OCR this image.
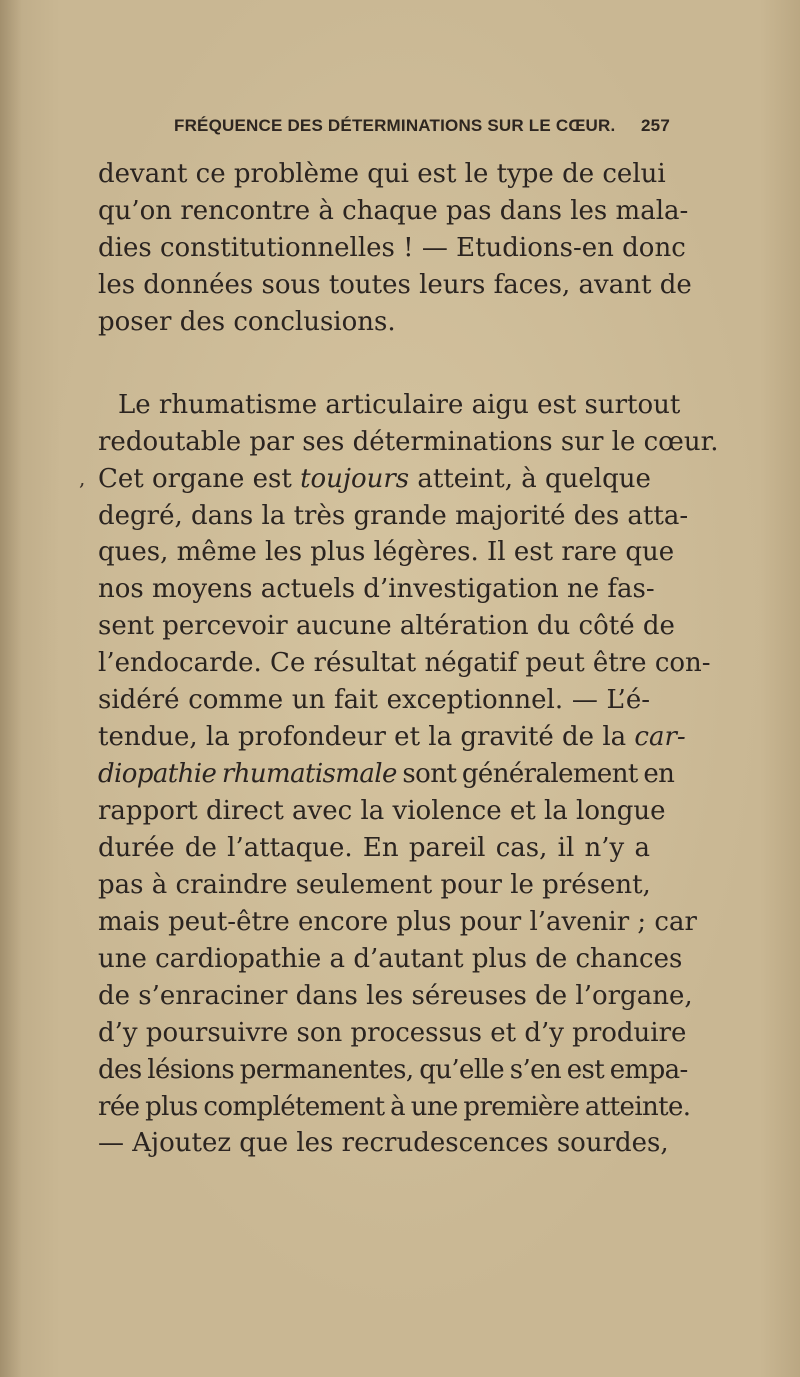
FRÉQUENCE DES DÉTERMINATIONS SUR LE CŒUR. 257
,
devant ce problème qui est le type de celui
qu’on rencontre à chaque pas dans les mala-
dies constitutionnelles ! — Etudions-en donc
les données sous toutes leurs faces, avant de
poser des conclusions.
Le rhumatisme articulaire aigu est surtout
redoutable par ses déterminations sur le cœur.
Cet organe est toujours atteint, à quelque
degré, dans la très grande majorité des atta-
ques, même les plus légères. Il est rare que
nos moyens actuels d’investigation ne fas-
sent percevoir aucune altération du côté de
l’endocarde. Ce résultat négatif peut être con-
sidéré comme un fait exceptionnel. — L’é-
tendue, la profondeur et la gravité de la car-
diopathie rhumatismale sont généralement en
rapport direct avec la violence et la longue
durée de l’attaque. En pareil cas, il n’y a
pas à craindre seulement pour le présent,
mais peut-être encore plus pour l’avenir ; car
une cardiopathie a d’autant plus de chances
de s’enraciner dans les séreuses de l’organe,
d’y poursuivre son processus et d’y produire
des lésions permanentes, qu’elle s’en est empa-
rée plus complétement à une première atteinte.
— Ajoutez que les recrudescences sourdes,
